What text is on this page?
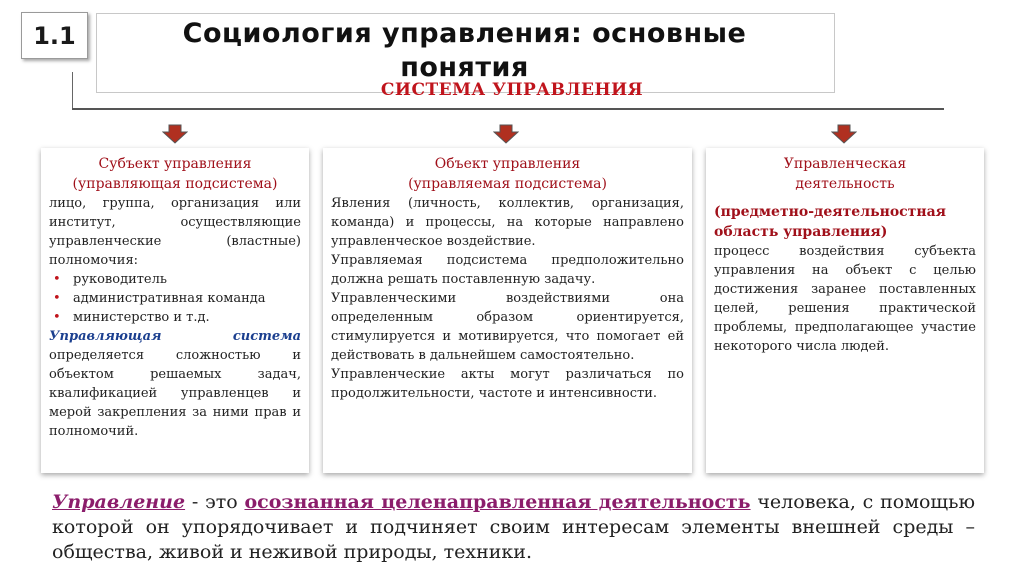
1.1	Социология управления: основные
понятия
СИСТЕМА УПРАВЛЕНИЯ
Субъект управления
(управляющая подсистема)
лицо, группа, организация или институт, осуществляющие управленческие (властные) полномочия:
• руководитель
• административная команда
• министерство и т.д.
Управляющая система
определяется сложностью и объектом решаемых задач, квалификацией управленцев и мерой закрепления за ними прав и полномочий.
Объект управления
(управляемая подсистема)
Явления (личность, коллектив, организация, команда) и процессы, на которые направлено управленческое воздействие.
Управляемая подсистема предположительно должна решать поставленную задачу.
Управленческими воздействиями она определенным образом ориентируется, стимулируется и мотивируется, что помогает ей действовать в дальнейшем самостоятельно.
Управленческие акты могут различаться по продолжительности, частоте и интенсивности.
Управленческая
деятельность
(предметно-деятельностная область управления)
процесс воздействия субъекта управления на объект с целью достижения заранее поставленных целей, решения практической проблемы, предполагающее участие некоторого числа людей.
Управление - это осознанная целенаправленная деятельность человека, с помощью которой он упорядочивает и подчиняет своим интересам элементы внешней среды – общества, живой и неживой природы, техники.
